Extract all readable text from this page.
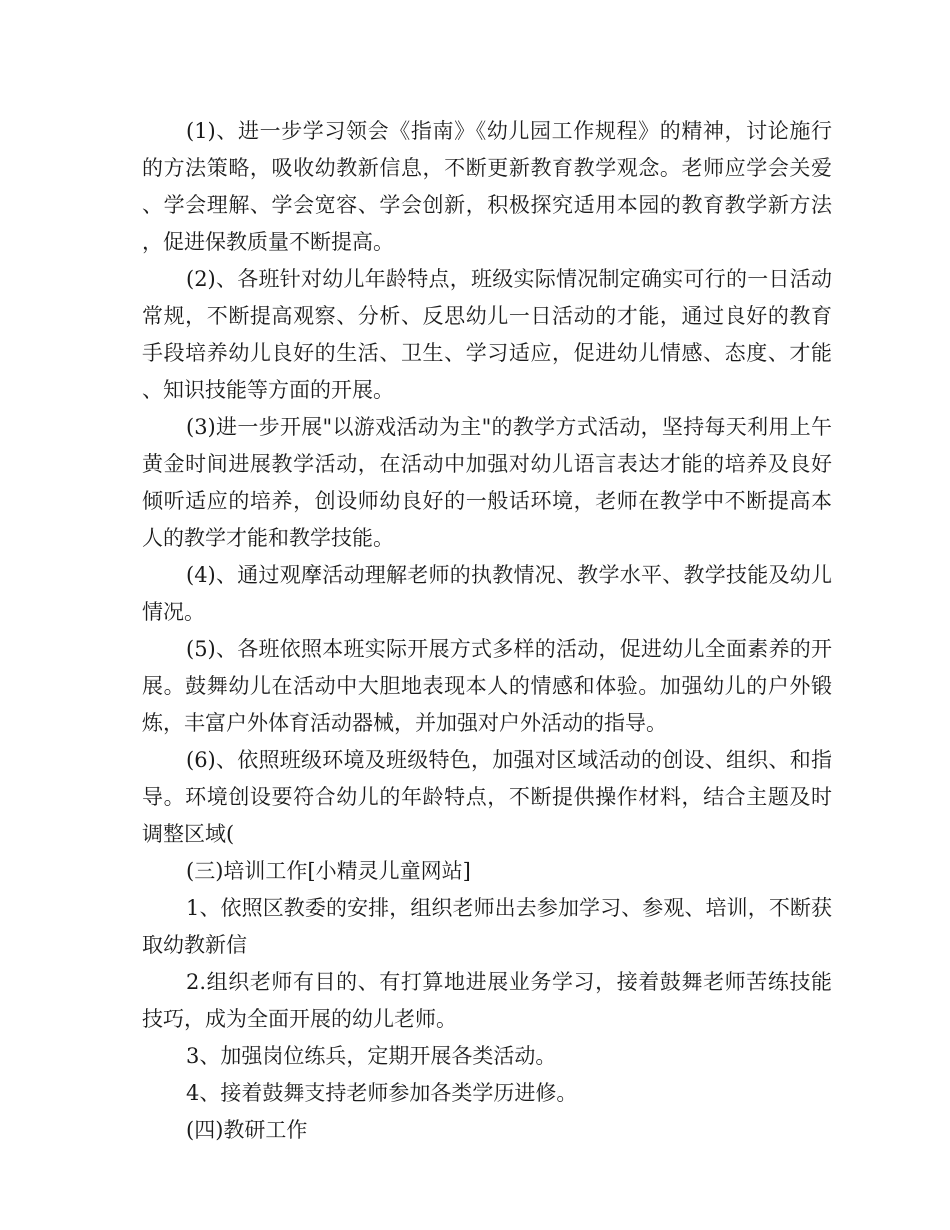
(1)、进一步学习领会《指南》《幼儿园工作规程》的精神，讨论施行的方法策略，吸收幼教新信息，不断更新教育教学观念。老师应学会关爱、学会理解、学会宽容、学会创新，积极探究适用本园的教育教学新方法，促进保教质量不断提高。

(2)、各班针对幼儿年龄特点，班级实际情况制定确实可行的一日活动常规，不断提高观察、分析、反思幼儿一日活动的才能，通过良好的教育手段培养幼儿良好的生活、卫生、学习适应，促进幼儿情感、态度、才能、知识技能等方面的开展。

(3)进一步开展"以游戏活动为主"的教学方式活动，坚持每天利用上午黄金时间进展教学活动，在活动中加强对幼儿语言表达才能的培养及良好倾听适应的培养，创设师幼良好的一般话环境，老师在教学中不断提高本人的教学才能和教学技能。

(4)、通过观摩活动理解老师的执教情况、教学水平、教学技能及幼儿情况。

(5)、各班依照本班实际开展方式多样的活动，促进幼儿全面素养的开展。鼓舞幼儿在活动中大胆地表现本人的情感和体验。加强幼儿的户外锻炼，丰富户外体育活动器械，并加强对户外活动的指导。

(6)、依照班级环境及班级特色，加强对区域活动的创设、组织、和指导。环境创设要符合幼儿的年龄特点，不断提供操作材料，结合主题及时调整区域(

(三)培训工作[小精灵儿童网站]

1、依照区教委的安排，组织老师出去参加学习、参观、培训，不断获取幼教新信

2.组织老师有目的、有打算地进展业务学习，接着鼓舞老师苦练技能技巧，成为全面开展的幼儿老师。

3、加强岗位练兵，定期开展各类活动。

4、接着鼓舞支持老师参加各类学历进修。

(四)教研工作
